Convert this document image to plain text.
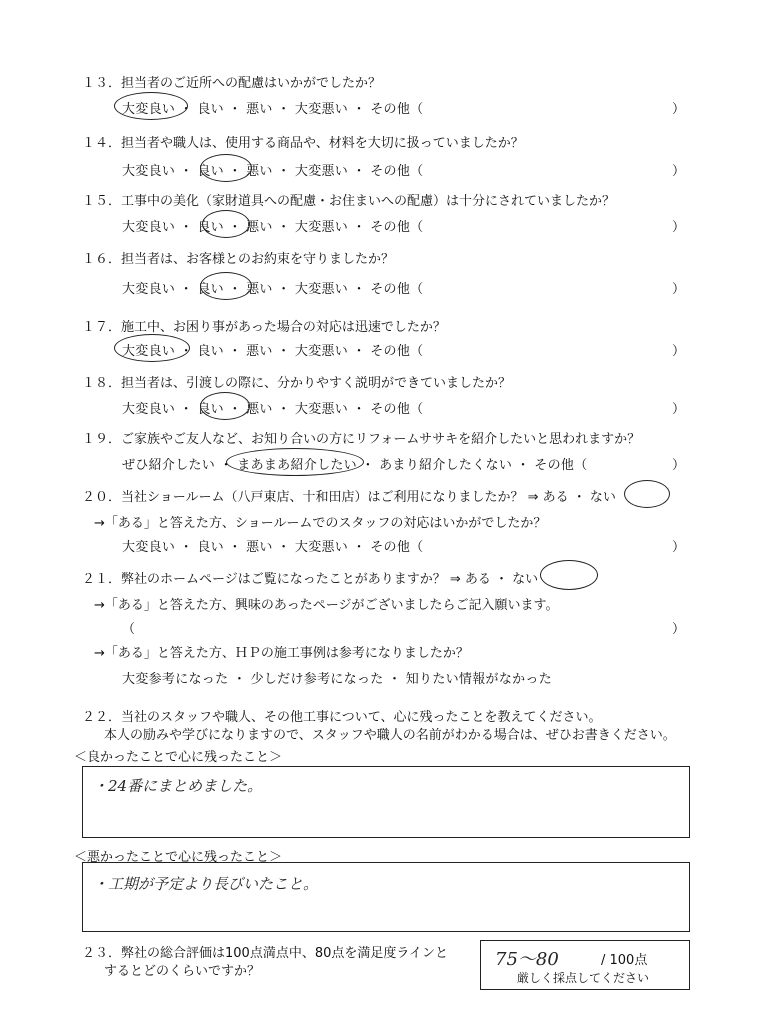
１３．担当者のご近所への配慮はいかがでしたか？
大変良い ・ 良い ・ 悪い ・ 大変悪い ・ その他（	）
１４．担当者や職人は、使用する商品や、材料を大切に扱っていましたか？
大変良い ・ 良い ・ 悪い ・ 大変悪い ・ その他（	）
１５．工事中の美化（家財道具への配慮・お住まいへの配慮）は十分にされていましたか？
大変良い ・ 良い ・ 悪い ・ 大変悪い ・ その他（	）
１６．担当者は、お客様とのお約束を守りましたか？
大変良い ・ 良い ・ 悪い ・ 大変悪い ・ その他（	）
１７．施工中、お困り事があった場合の対応は迅速でしたか？
大変良い ・ 良い ・ 悪い ・ 大変悪い ・ その他（	）
１８．担当者は、引渡しの際に、分かりやすく説明ができていましたか？
大変良い ・ 良い ・ 悪い ・ 大変悪い ・ その他（	）
１９．ご家族やご友人など、お知り合いの方にリフォームササキを紹介したいと思われますか？
ぜひ紹介したい ・ まあまあ紹介したい ・ あまり紹介したくない ・ その他（	）
２０．当社ショールーム（八戸東店、十和田店）はご利用になりましたか？ ⇒ ある ・ ない
→「ある」と答えた方、ショールームでのスタッフの対応はいかがでしたか？
大変良い ・ 良い ・ 悪い ・ 大変悪い ・ その他（	）
２１．弊社のホームページはご覧になったことがありますか？ ⇒ ある ・ ない
→「ある」と答えた方、興味のあったページがございましたらご記入願います。
（	）
→「ある」と答えた方、ＨＰの施工事例は参考になりましたか？
大変参考になった ・ 少しだけ参考になった ・ 知りたい情報がなかった
２２．当社のスタッフや職人、その他工事について、心に残ったことを教えてください。
本人の励みや学びになりますので、スタッフや職人の名前がわかる場合は、ぜひお書きください。
＜良かったことで心に残ったこと＞
・24番にまとめました。
＜悪かったことで心に残ったこと＞
・工期が予定より長びいたこと。
２３．弊社の総合評価は100点満点中、80点を満足度ラインと
するとどのくらいですか？
75〜80	/ 100点
厳しく採点してください
